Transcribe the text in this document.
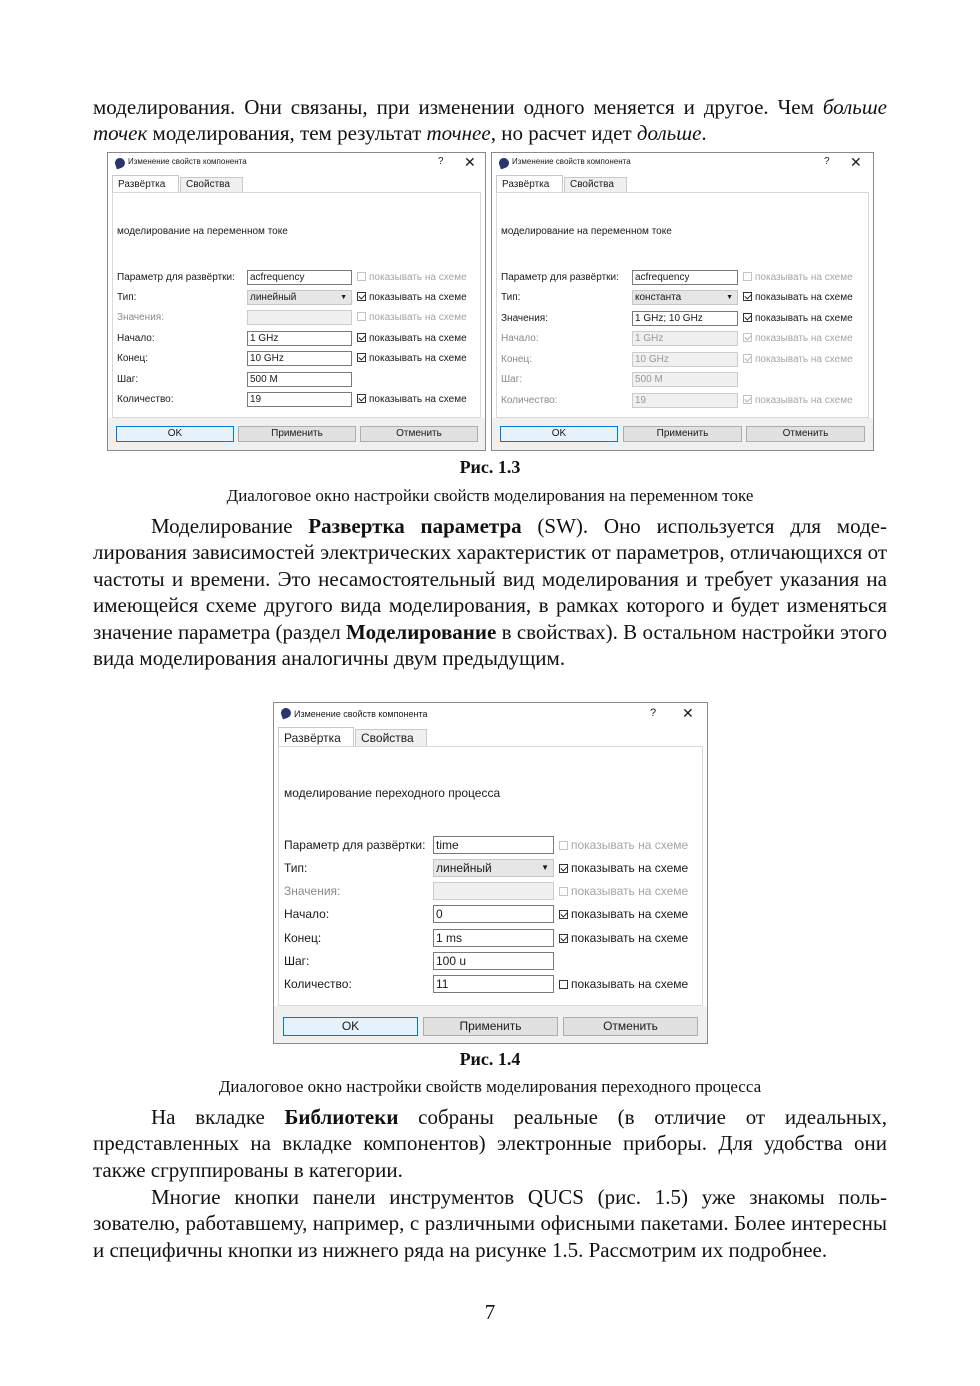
моделирования. Они связаны, при изменении одного меняется и другое. Чем больше точек моделирования, тем результат точнее, но расчет идет дольше.

Изменение свойств компонента	? ✕
Развёртка	Свойства
моделирование на переменном токе
Параметр для развёртки:	acfrequency	показывать на схеме
Тип:	линейный	▼	показывать на схеме
Значения:	показывать на схеме
Начало:	1 GHz	показывать на схеме
Конец:	10 GHz	показывать на схеме
Шаг:	500 M
Количество:	19	показывать на схеме
OK	Применить	Отменить
Изменение свойств компонента	? ✕
Развёртка	Свойства
моделирование на переменном токе
Параметр для развёртки:	acfrequency	показывать на схеме
Тип:	константа	▼	показывать на схеме
Значения:	1 GHz; 10 GHz	показывать на схеме
Начало:	1 GHz	показывать на схеме
Конец:	10 GHz	показывать на схеме
Шаг:	500 M
Количество:	19	показывать на схеме
OK	Применить	Отменить
Рис. 1.3
Диалоговое окно настройки свойств моделирования на переменном токе

Моделирование Развертка параметра (SW). Оно используется для моделирования зависимостей электрических характеристик от параметров, отличающихся от частоты и времени. Это несамостоятельный вид моделирования и требует указания на имеющейся схеме другого вида моделирования, в рамках которого и будет изменяться значение параметра (раздел Моделирование в свойствах). В остальном настройки этого вида моделирования аналогичны двум предыдущим.

Изменение свойств компонента	? ✕
Развёртка	Свойства
моделирование переходного процесса
Параметр для развёртки: time	показывать на схеме
Тип:	линейный	▼	показывать на схеме
Значения:	показывать на схеме
Начало:	0	показывать на схеме
Конец:	1 ms	показывать на схеме
Шаг:	100 u
Количество:	11	показывать на схеме
OK	Применить	Отменить
Рис. 1.4
Диалоговое окно настройки свойств моделирования переходного процесса

На вкладке Библиотеки собраны реальные (в отличие от идеальных, представленных на вкладке компонентов) электронные приборы. Для удобства они также сгруппированы в категории.

Многие кнопки панели инструментов QUCS (рис. 1.5) уже знакомы пользователю, работавшему, например, с различными офисными пакетами. Более интересны и специфичны кнопки из нижнего ряда на рисунке 1.5. Рассмотрим их подробнее.

7
